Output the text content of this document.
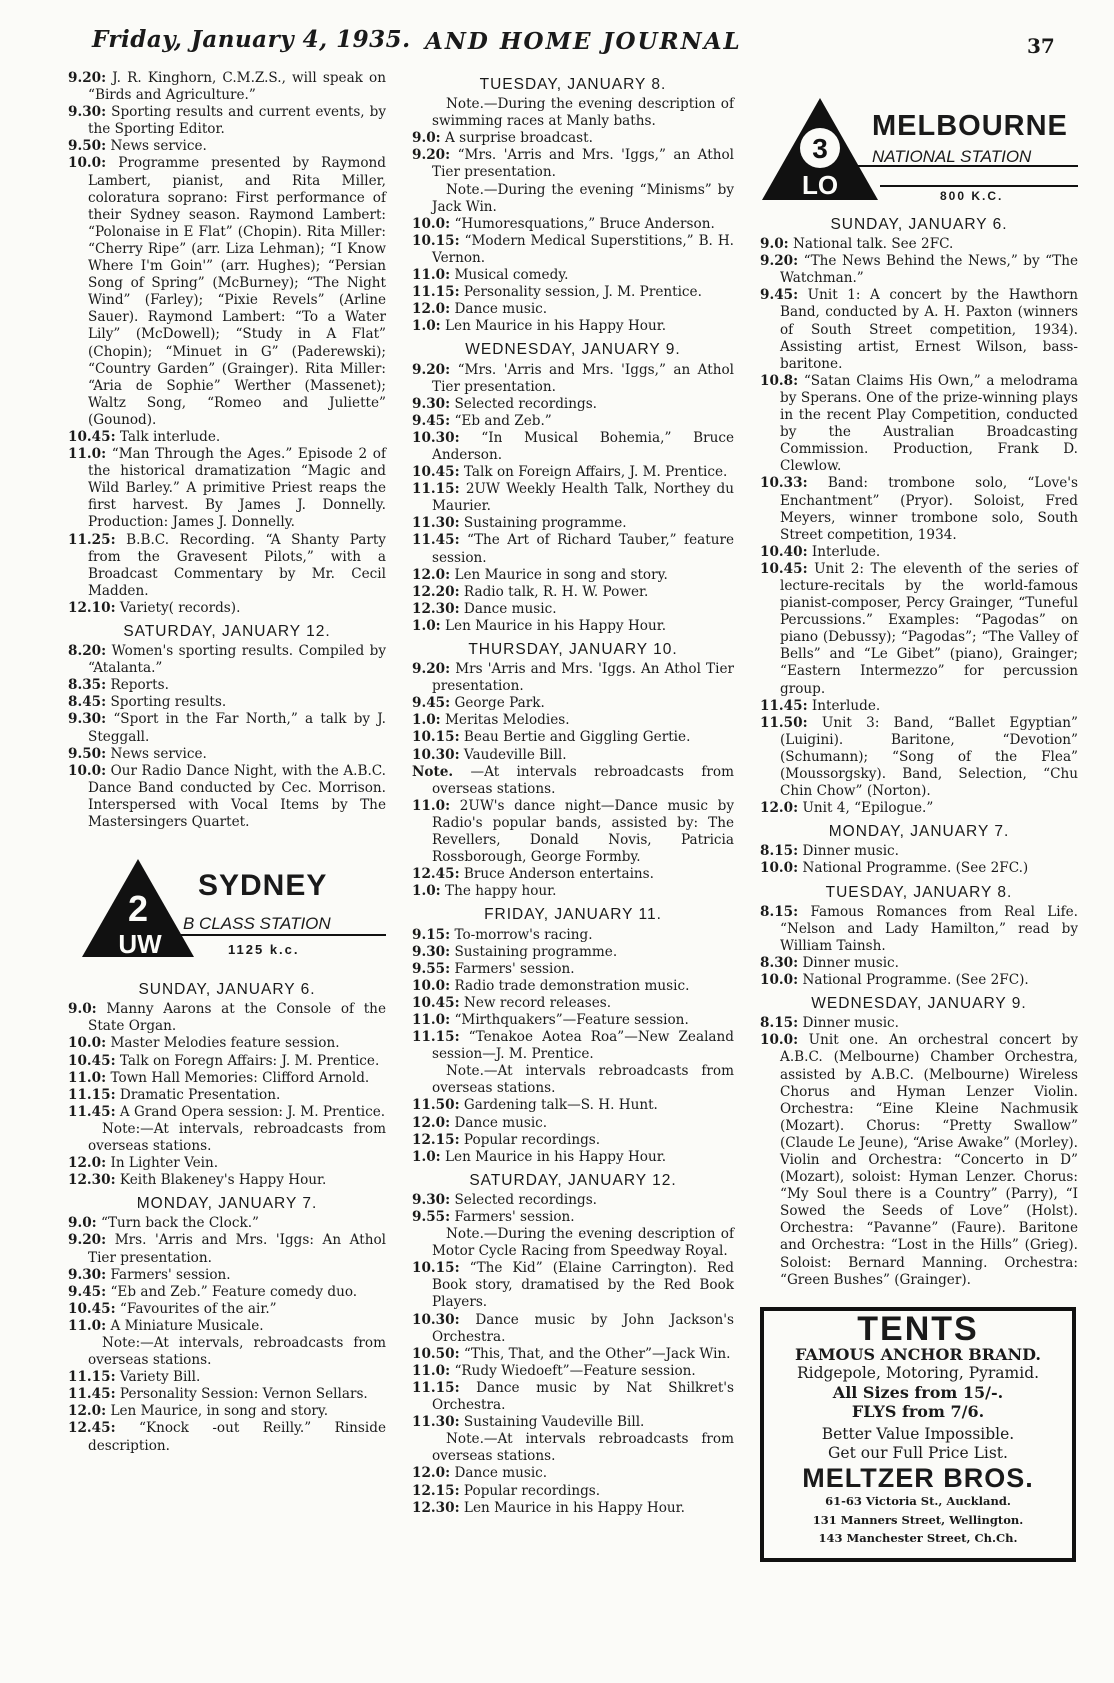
Friday, January 4, 1935. AND HOME JOURNAL	37

9.20: J. R. Kinghorn, C.M.Z.S., will speak on “Birds and Agriculture.”

9.30: Sporting results and current events, by the Sporting Editor.

9.50: News service.

10.0: Programme presented by Raymond Lambert, pianist, and Rita Miller, coloratura soprano: First performance of their Sydney season. Raymond Lambert: “Polonaise in E Flat” (Chopin). Rita Miller: “Cherry Ripe” (arr. Liza Lehman); “I Know Where I'm Goin'” (arr. Hughes); “Persian Song of Spring” (McBurney); “The Night Wind” (Farley); “Pixie Revels” (Arline Sauer). Raymond Lambert: “To a Water Lily” (McDowell); “Study in A Flat” (Chopin); “Minuet in G” (Paderewski); “Country Garden” (Grainger). Rita Miller: “Aria de Sophie” Werther (Massenet); Waltz Song, “Romeo and Juliette” (Gounod).

10.45: Talk interlude.

11.0: “Man Through the Ages.” Episode 2 of the historical dramatization “Magic and Wild Barley.” A primitive Priest reaps the first harvest. By James J. Donnelly. Production: James J. Donnelly.

11.25: B.B.C. Recording. “A Shanty Party from the Gravesent Pilots,” with a Broadcast Commentary by Mr. Cecil Madden.

12.10: Variety( records).

SATURDAY, JANUARY 12.

8.20: Women's sporting results. Compiled by “Atalanta.”

8.35: Reports.

8.45: Sporting results.

9.30: “Sport in the Far North,” a talk by J. Steggall.

9.50: News service.

10.0: Our Radio Dance Night, with the A.B.C. Dance Band conducted by Cec. Morrison. Interspersed with Vocal Items by The Mastersingers Quartet.

2
UW
SYDNEY
B CLASS STATION
1125 k.c.
SUNDAY, JANUARY 6.

9.0: Manny Aarons at the Console of the State Organ.

10.0: Master Melodies feature session.

10.45: Talk on Foregn Affairs: J. M. Prentice.

11.0: Town Hall Memories: Clifford Arnold.

11.15: Dramatic Presentation.

11.45: A Grand Opera session: J. M. Prentice.

Note:—At intervals, rebroadcasts from overseas stations.

12.0: In Lighter Vein.

12.30: Keith Blakeney's Happy Hour.

MONDAY, JANUARY 7.

9.0: “Turn back the Clock.”

9.20: Mrs. 'Arris and Mrs. 'Iggs: An Athol Tier presentation.

9.30: Farmers' session.

9.45: “Eb and Zeb.” Feature comedy duo.

10.45: “Favourites of the air.”

11.0: A Miniature Musicale.

Note:—At intervals, rebroadcasts from overseas stations.

11.15: Variety Bill.

11.45: Personality Session: Vernon Sellars.

12.0: Len Maurice, in song and story.

12.45: “Knock -out Reilly.” Rinside description.

TUESDAY, JANUARY 8.

Note.—During the evening description of swimming races at Manly baths.

9.0: A surprise broadcast.

9.20: “Mrs. 'Arris and Mrs. 'Iggs,” an Athol Tier presentation.

Note.—During the evening “Minisms” by Jack Win.

10.0: “Humoresquations,” Bruce Anderson.

10.15: “Modern Medical Superstitions,” B. H. Vernon.

11.0: Musical comedy.

11.15: Personality session, J. M. Prentice.

12.0: Dance music.

1.0: Len Maurice in his Happy Hour.

WEDNESDAY, JANUARY 9.

9.20: “Mrs. 'Arris and Mrs. 'Iggs,” an Athol Tier presentation.

9.30: Selected recordings.

9.45: “Eb and Zeb.”

10.30: “In Musical Bohemia,” Bruce Anderson.

10.45: Talk on Foreign Affairs, J. M. Prentice.

11.15: 2UW Weekly Health Talk, Northey du Maurier.

11.30: Sustaining programme.

11.45: “The Art of Richard Tauber,” feature session.

12.0: Len Maurice in song and story.

12.20: Radio talk, R. H. W. Power.

12.30: Dance music.

1.0: Len Maurice in his Happy Hour.

THURSDAY, JANUARY 10.

9.20: Mrs 'Arris and Mrs. 'Iggs. An Athol Tier presentation.

9.45: George Park.

1.0: Meritas Melodies.

10.15: Beau Bertie and Giggling Gertie.

10.30: Vaudeville Bill.

Note. —At intervals rebroadcasts from overseas stations.

11.0: 2UW's dance night—Dance music by Radio's popular bands, assisted by: The Revellers, Donald Novis, Patricia Rossborough, George Formby.

12.45: Bruce Anderson entertains.

1.0: The happy hour.

FRIDAY, JANUARY 11.

9.15: To-morrow's racing.

9.30: Sustaining programme.

9.55: Farmers' session.

10.0: Radio trade demonstration music.

10.45: New record releases.

11.0: “Mirthquakers”—Feature session.

11.15: “Tenakoe Aotea Roa”—New Zealand session—J. M. Prentice.

Note.—At intervals rebroadcasts from overseas stations.

11.50: Gardening talk—S. H. Hunt.

12.0: Dance music.

12.15: Popular recordings.

1.0: Len Maurice in his Happy Hour.

SATURDAY, JANUARY 12.

9.30: Selected recordings.

9.55: Farmers' session.

Note.—During the evening description of Motor Cycle Racing from Speedway Royal.

10.15: “The Kid” (Elaine Carrington). Red Book story, dramatised by the Red Book Players.

10.30: Dance music by John Jackson's Orchestra.

10.50: “This, That, and the Other”—Jack Win.

11.0: “Rudy Wiedoeft”—Feature session.

11.15: Dance music by Nat Shilkret's Orchestra.

11.30: Sustaining Vaudeville Bill.

Note.—At intervals rebroadcasts from overseas stations.

12.0: Dance music.

12.15: Popular recordings.

12.30: Len Maurice in his Happy Hour.

3
LO
MELBOURNE
NATIONAL STATION
800 K.C.
SUNDAY, JANUARY 6.

9.0: National talk. See 2FC.

9.20: “The News Behind the News,” by “The Watchman.”

9.45: Unit 1: A concert by the Hawthorn Band, conducted by A. H. Paxton (winners of South Street competition, 1934). Assisting artist, Ernest Wilson, bass-baritone.

10.8: “Satan Claims His Own,” a melodrama by Sperans. One of the prize-winning plays in the recent Play Competition, conducted by the Australian Broadcasting Commission. Production, Frank D. Clewlow.

10.33: Band: trombone solo, “Love's Enchantment” (Pryor). Soloist, Fred Meyers, winner trombone solo, South Street competition, 1934.

10.40: Interlude.

10.45: Unit 2: The eleventh of the series of lecture-recitals by the world-famous pianist-composer, Percy Grainger, “Tuneful Percussions.” Examples: “Pagodas” on piano (Debussy); “Pagodas”; “The Valley of Bells” and “Le Gibet” (piano), Grainger; “Eastern Intermezzo” for percussion group.

11.45: Interlude.

11.50: Unit 3: Band, “Ballet Egyptian” (Luigini). Baritone, “Devotion” (Schumann); “Song of the Flea” (Moussorgsky). Band, Selection, “Chu Chin Chow” (Norton).

12.0: Unit 4, “Epilogue.”

MONDAY, JANUARY 7.

8.15: Dinner music.

10.0: National Programme. (See 2FC.)

TUESDAY, JANUARY 8.

8.15: Famous Romances from Real Life. “Nelson and Lady Hamilton,” read by William Tainsh.

8.30: Dinner music.

10.0: National Programme. (See 2FC).

WEDNESDAY, JANUARY 9.

8.15: Dinner music.

10.0: Unit one. An orchestral concert by A.B.C. (Melbourne) Chamber Orchestra, assisted by A.B.C. (Melbourne) Wireless Chorus and Hyman Lenzer Violin. Orchestra: “Eine Kleine Nachmusik (Mozart). Chorus: “Pretty Swallow” (Claude Le Jeune), “Arise Awake” (Morley). Violin and Orchestra: “Concerto in D” (Mozart), soloist: Hyman Lenzer. Chorus: “My Soul there is a Country” (Parry), “I Sowed the Seeds of Love” (Holst). Orchestra: “Pavanne” (Faure). Baritone and Orchestra: “Lost in the Hills” (Grieg). Soloist: Bernard Manning. Orchestra: “Green Bushes” (Grainger).

TENTS
FAMOUS ANCHOR BRAND.
Ridgepole, Motoring, Pyramid.
All Sizes from 15/-.
FLYS from 7/6.
Better Value Impossible.
Get our Full Price List.
MELTZER BROS.
61-63 Victoria St., Auckland.
131 Manners Street, Wellington.
143 Manchester Street, Ch.Ch.
